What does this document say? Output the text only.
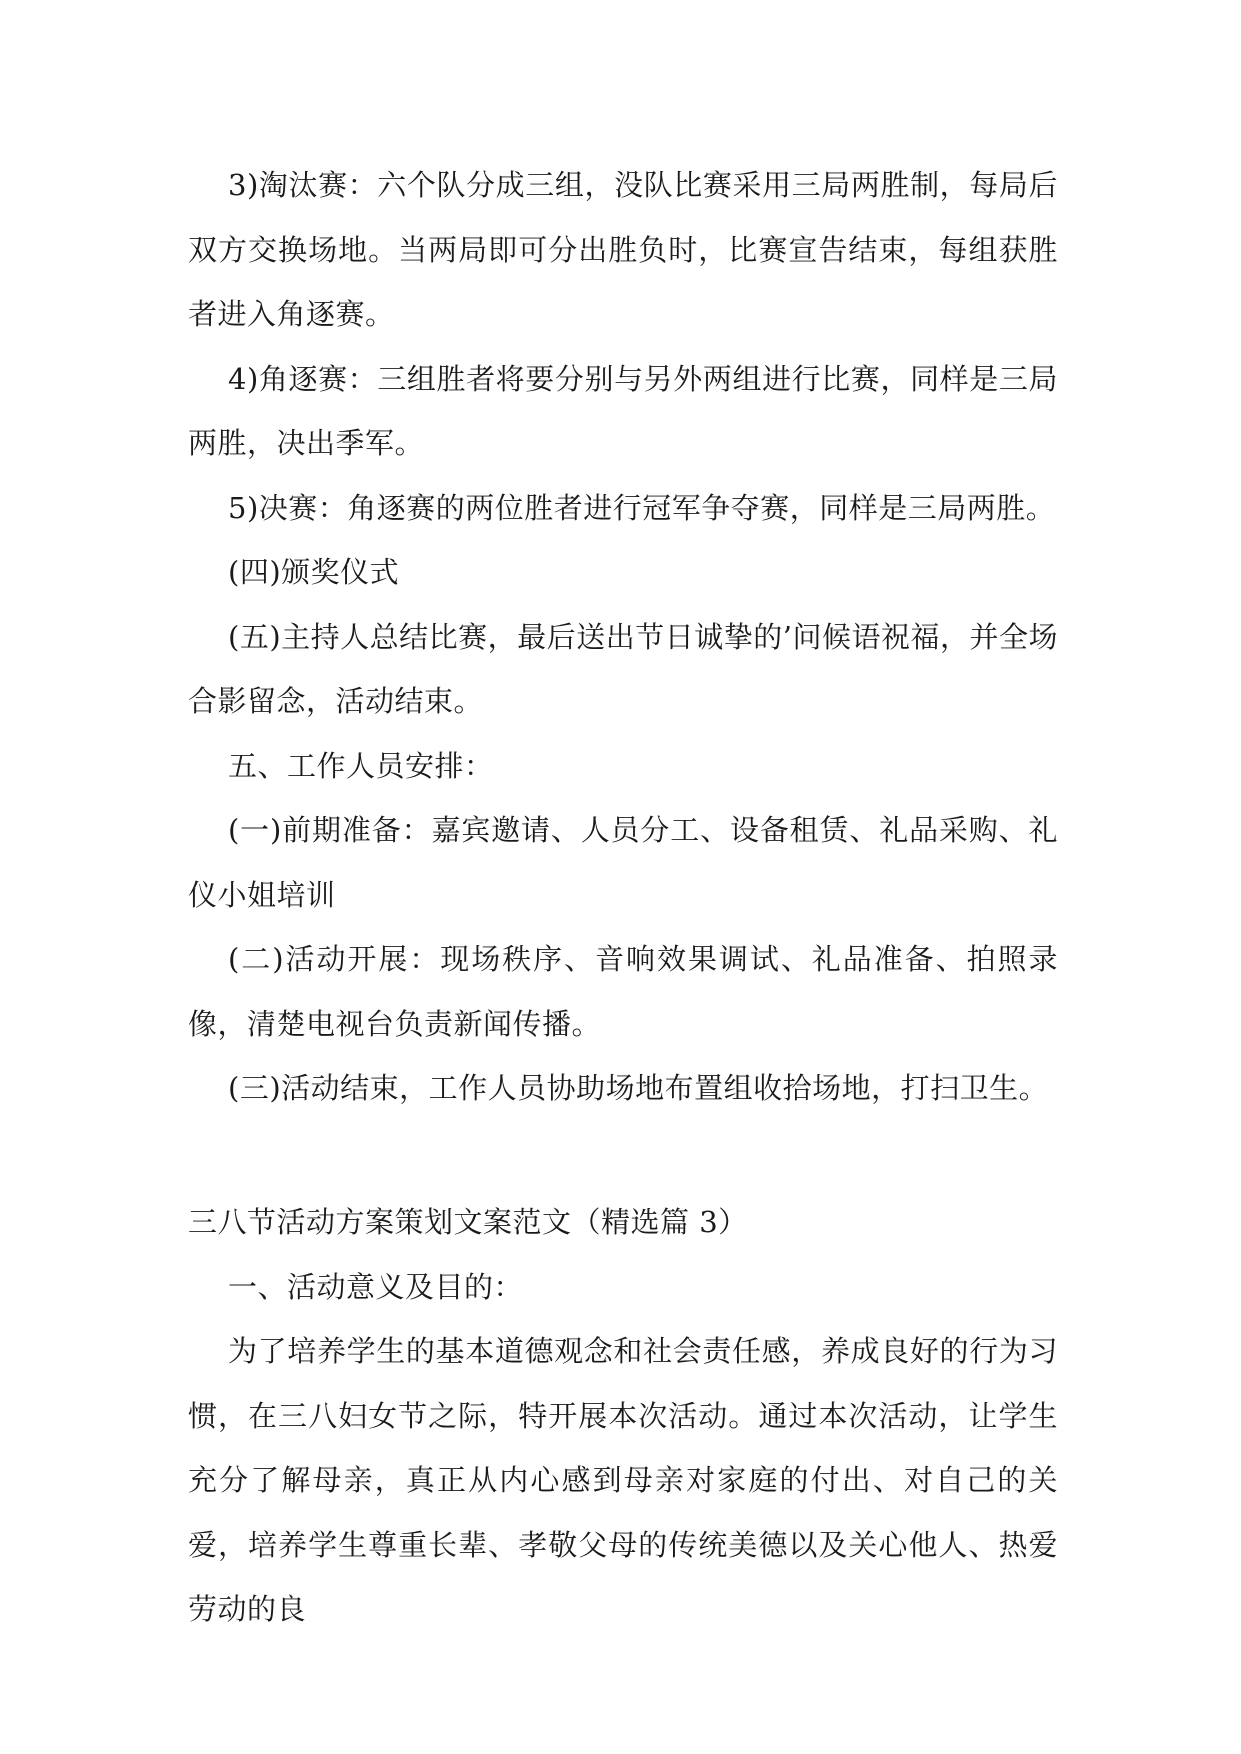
3)淘汰赛：六个队分成三组，没队比赛采用三局两胜制，每局后双方交换场地。当两局即可分出胜负时，比赛宣告结束，每组获胜者进入角逐赛。

4)角逐赛：三组胜者将要分别与另外两组进行比赛，同样是三局两胜，决出季军。

5)决赛：角逐赛的两位胜者进行冠军争夺赛，同样是三局两胜。

(四)颁奖仪式

(五)主持人总结比赛，最后送出节日诚挚的’问候语祝福，并全场合影留念，活动结束。

五、工作人员安排：

(一)前期准备：嘉宾邀请、人员分工、设备租赁、礼品采购、礼仪小姐培训

(二)活动开展：现场秩序、音响效果调试、礼品准备、拍照录像，清楚电视台负责新闻传播。

(三)活动结束，工作人员协助场地布置组收拾场地，打扫卫生。

三八节活动方案策划文案范文（精选篇 3）

一、活动意义及目的：

为了培养学生的基本道德观念和社会责任感，养成良好的行为习惯，在三八妇女节之际，特开展本次活动。通过本次活动，让学生充分了解母亲，真正从内心感到母亲对家庭的付出、对自己的关爱，培养学生尊重长辈、孝敬父母的传统美德以及关心他人、热爱劳动的良
